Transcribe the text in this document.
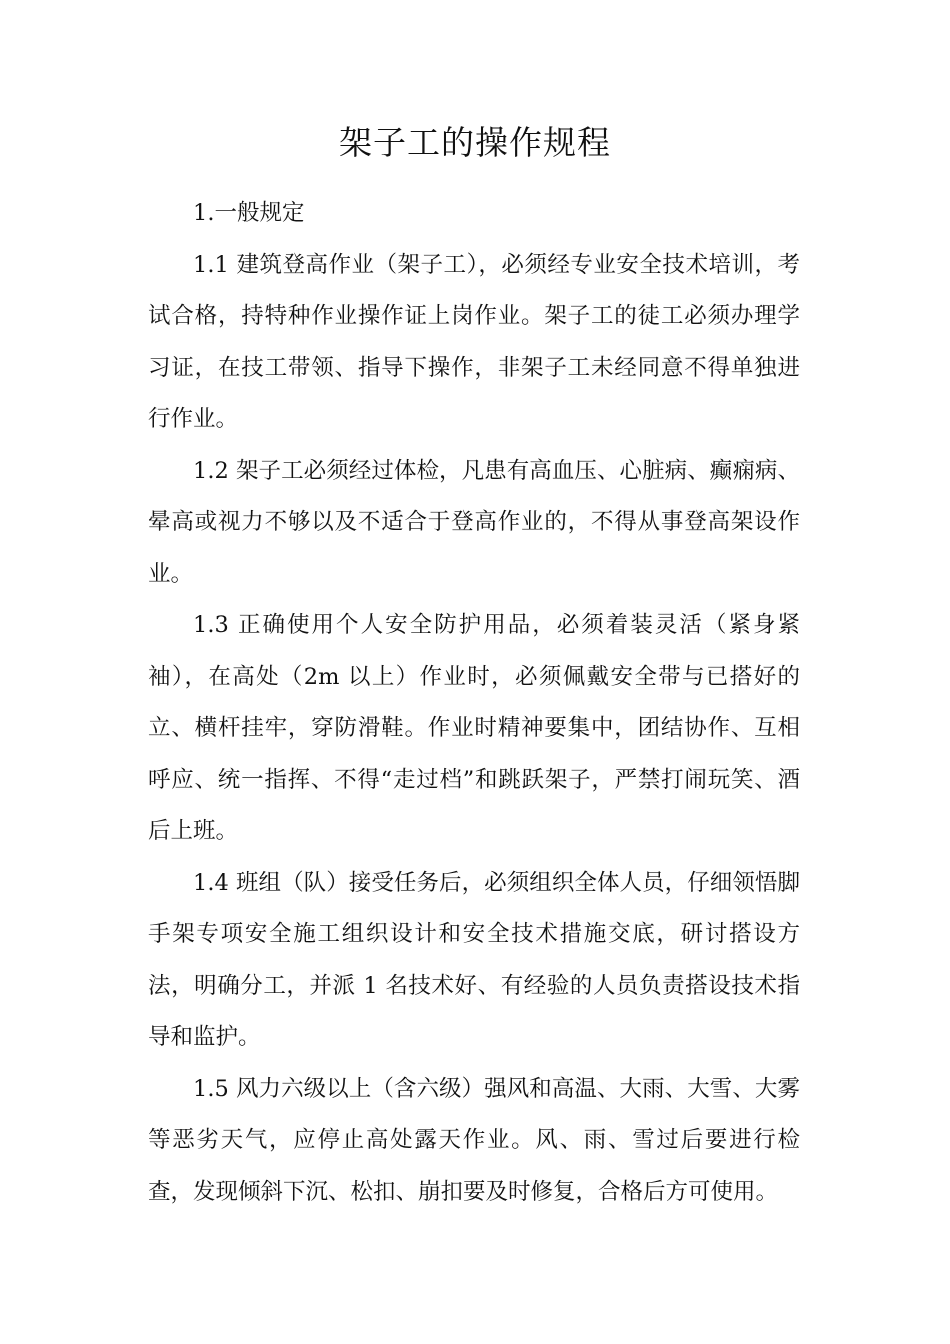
架子工的操作规程

1.一般规定

1.1 建筑登高作业（架子工），必须经专业安全技术培训，考试合格，持特种作业操作证上岗作业。架子工的徒工必须办理学习证，在技工带领、指导下操作，非架子工未经同意不得单独进行作业。

1.2 架子工必须经过体检，凡患有高血压、心脏病、癫痫病、晕高或视力不够以及不适合于登高作业的，不得从事登高架设作业。

1.3 正确使用个人安全防护用品，必须着装灵活（紧身紧袖），在高处（2m 以上）作业时，必须佩戴安全带与已搭好的立、横杆挂牢，穿防滑鞋。作业时精神要集中，团结协作、互相呼应、统一指挥、不得“走过档”和跳跃架子，严禁打闹玩笑、酒后上班。

1.4 班组（队）接受任务后，必须组织全体人员，仔细领悟脚手架专项安全施工组织设计和安全技术措施交底，研讨搭设方法，明确分工，并派 1 名技术好、有经验的人员负责搭设技术指导和监护。

1.5 风力六级以上（含六级）强风和高温、大雨、大雪、大雾等恶劣天气，应停止高处露天作业。风、雨、雪过后要进行检查，发现倾斜下沉、松扣、崩扣要及时修复，合格后方可使用。
